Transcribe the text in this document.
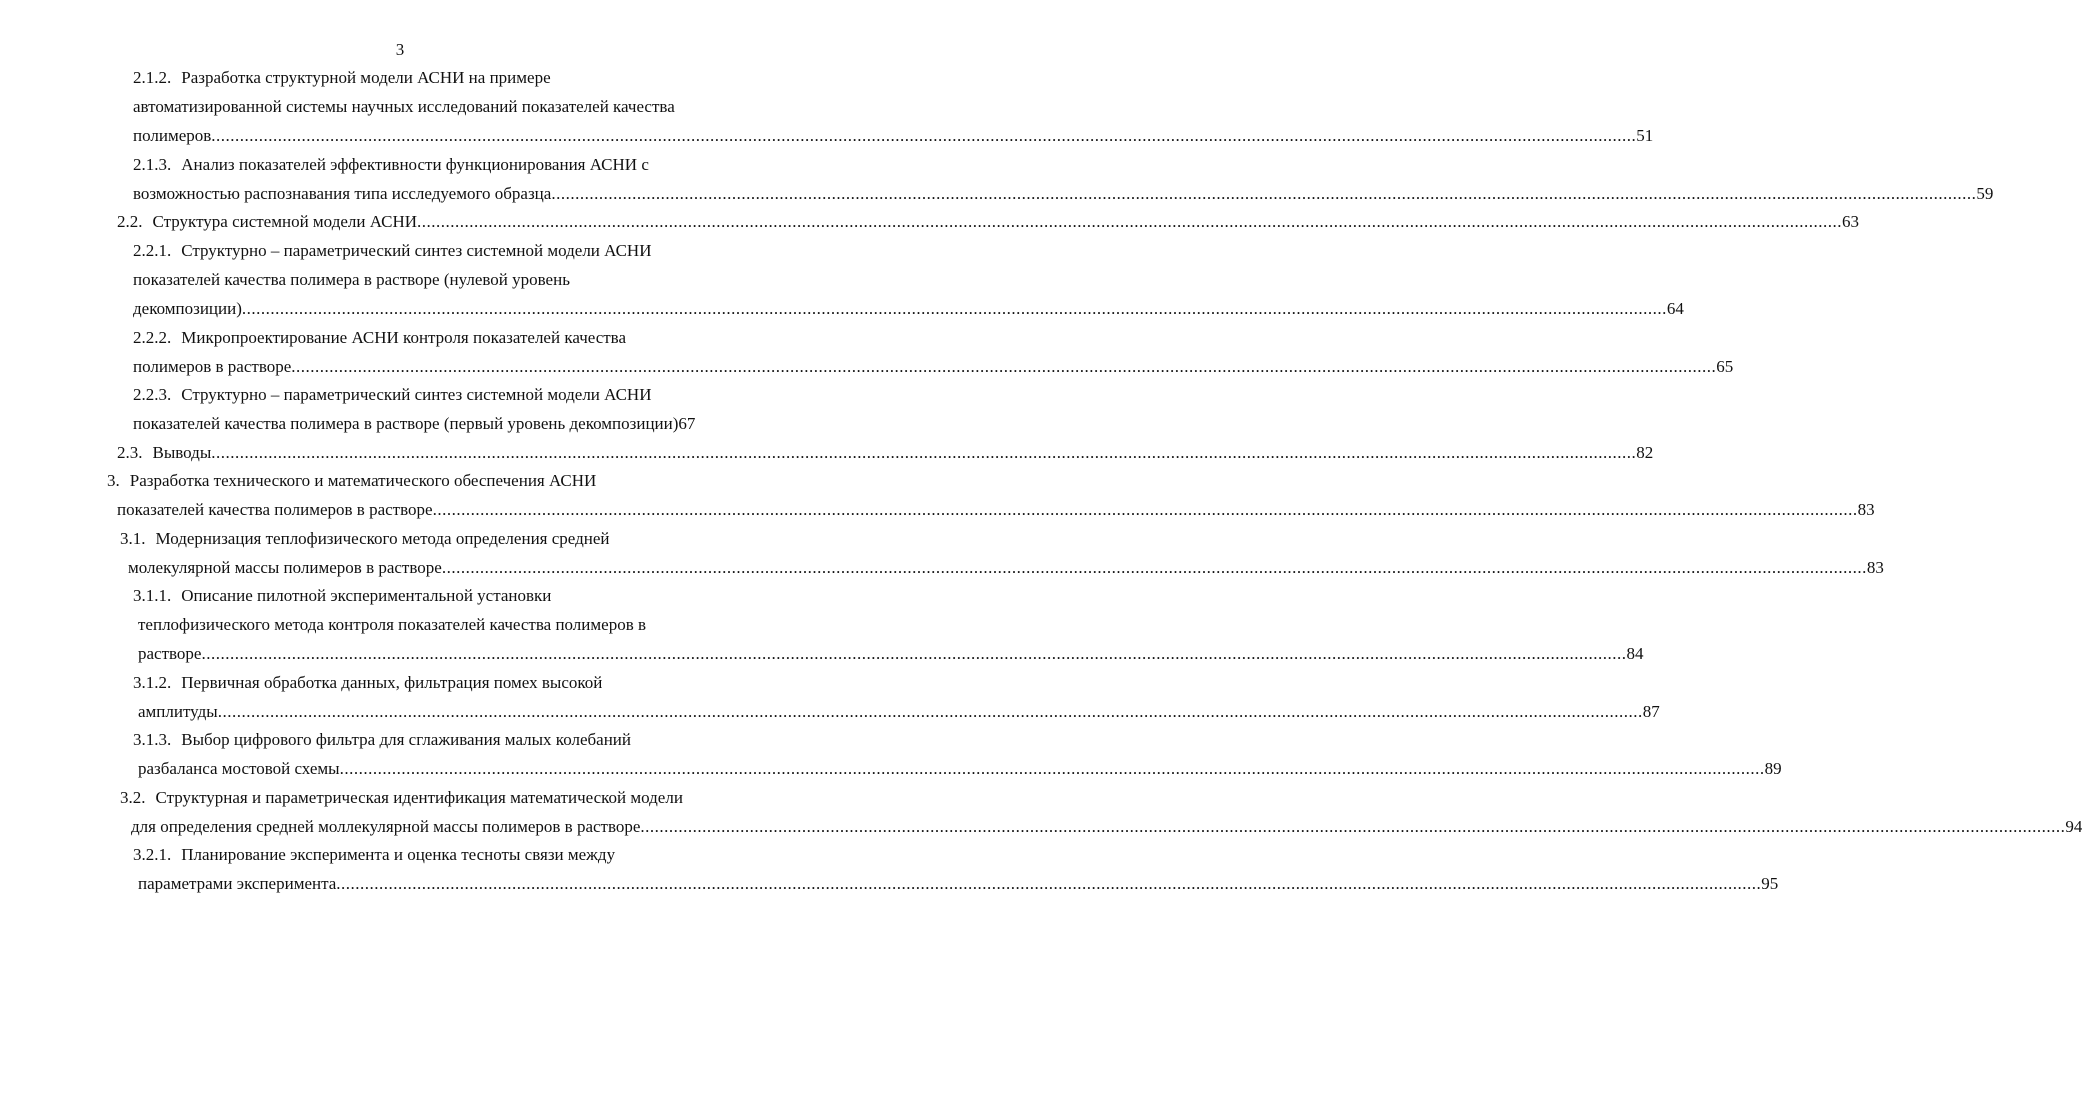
3
2.1.2. Разработка структурной модели АСНИ на примере
автоматизированной системы научных исследований показателей качества
полимеров ............................................................................................................................................................................................................................................................................................................ 51
2.1.3. Анализ показателей эффективности функционирования АСНИ с
возможностью распознавания типа исследуемого образца ............................................................................................................................................................................................................................................................................................................ 59
2.2. Структура системной модели АСНИ ............................................................................................................................................................................................................................................................................................................ 63
2.2.1. Структурно – параметрический синтез системной модели АСНИ
показателей качества полимера в растворе (нулевой уровень
декомпозиции) ............................................................................................................................................................................................................................................................................................................ 64
2.2.2. Микропроектирование АСНИ контроля показателей качества
полимеров в растворе ............................................................................................................................................................................................................................................................................................................ 65
2.2.3. Структурно – параметрический синтез системной модели АСНИ
показателей качества полимера в растворе (первый уровень декомпозиции) 67
2.3. Выводы ............................................................................................................................................................................................................................................................................................................ 82
3. Разработка технического и математического обеспечения АСНИ
показателей качества полимеров в растворе ............................................................................................................................................................................................................................................................................................................ 83
3.1. Модернизация теплофизического метода определения средней
молекулярной массы полимеров в растворе ............................................................................................................................................................................................................................................................................................................ 83
3.1.1. Описание пилотной экспериментальной установки
теплофизического метода контроля показателей качества полимеров в
растворе ............................................................................................................................................................................................................................................................................................................ 84
3.1.2. Первичная обработка данных, фильтрация помех высокой
амплитуды ............................................................................................................................................................................................................................................................................................................ 87
3.1.3. Выбор цифрового фильтра для сглаживания малых колебаний
разбаланса мостовой схемы ............................................................................................................................................................................................................................................................................................................ 89
3.2. Структурная и параметрическая идентификация математической модели
для определения средней моллекулярной массы полимеров в растворе ............................................................................................................................................................................................................................................................................................................ 94
3.2.1. Планирование эксперимента и оценка тесноты связи между
параметрами эксперимента ............................................................................................................................................................................................................................................................................................................ 95
